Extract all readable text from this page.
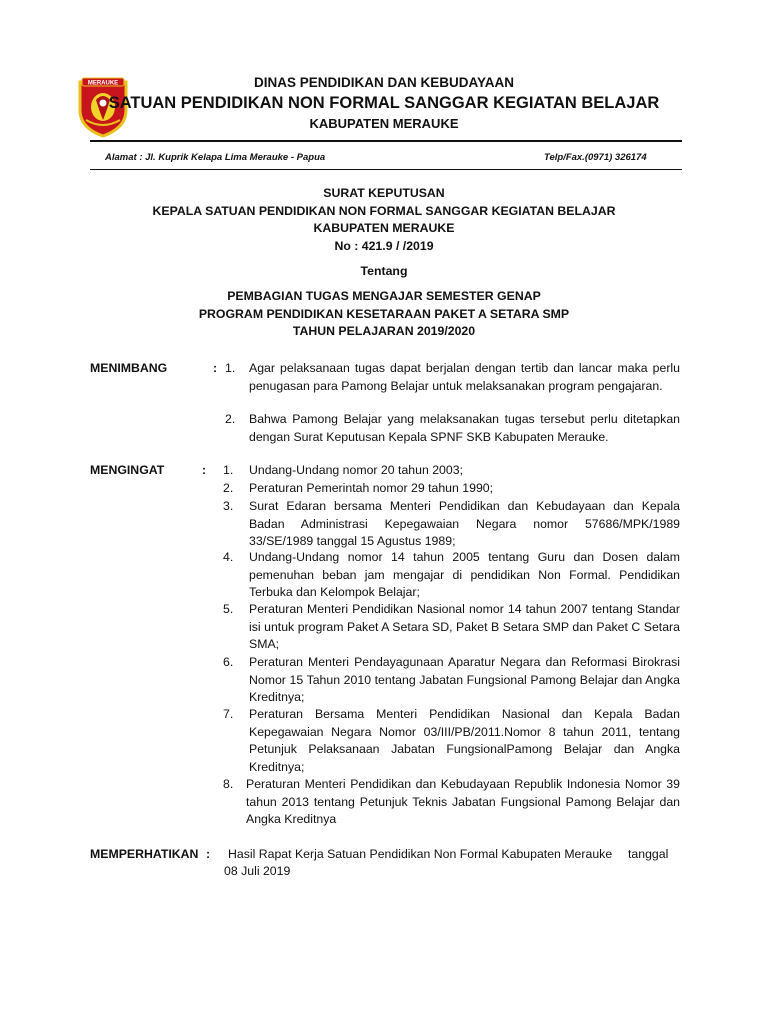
MERAUKE	DINAS PENDIDIKAN DAN KEBUDAYAAN
SATUAN PENDIDIKAN NON FORMAL SANGGAR KEGIATAN BELAJAR
KABUPATEN MERAUKE
Alamat : Jl. Kuprik Kelapa Lima Merauke - Papua	Telp/Fax.(0971) 326174
SURAT KEPUTUSAN
KEPALA SATUAN PENDIDIKAN NON FORMAL SANGGAR KEGIATAN BELAJAR
KABUPATEN MERAUKE
No : 421.9 / /2019
Tentang
PEMBAGIAN TUGAS MENGAJAR SEMESTER GENAP
PROGRAM PENDIDIKAN KESETARAAN PAKET A SETARA SMP
TAHUN PELAJARAN 2019/2020
MENIMBANG	: 1. Agar pelaksanaan tugas dapat berjalan dengan tertib dan lancar maka perlu penugasan para Pamong Belajar untuk melaksanakan program pengajaran.
2. Bahwa Pamong Belajar yang melaksanakan tugas tersebut perlu ditetapkan dengan Surat Keputusan Kepala SPNF SKB Kabupaten Merauke.
MENGINGAT	: 1. Undang-Undang nomor 20 tahun 2003;
2. Peraturan Pemerintah nomor 29 tahun 1990;
3. Surat Edaran bersama Menteri Pendidikan dan Kebudayaan dan Kepala Badan Administrasi Kepegawaian Negara nomor 57686/MPK/1989 33/SE/1989 tanggal 15 Agustus 1989;
4. Undang-Undang nomor 14 tahun 2005 tentang Guru dan Dosen dalam pemenuhan beban jam mengajar di pendidikan Non Formal. Pendidikan Terbuka dan Kelompok Belajar;
5. Peraturan Menteri Pendidikan Nasional nomor 14 tahun 2007 tentang Standar isi untuk program Paket A Setara SD, Paket B Setara SMP dan Paket C Setara SMA;
6. Peraturan Menteri Pendayagunaan Aparatur Negara dan Reformasi Birokrasi Nomor 15 Tahun 2010 tentang Jabatan Fungsional Pamong Belajar dan Angka Kreditnya;
7. Peraturan Bersama Menteri Pendidikan Nasional dan Kepala Badan Kepegawaian Negara Nomor 03/III/PB/2011.Nomor 8 tahun 2011, tentang Petunjuk Pelaksanaan Jabatan FungsionalPamong Belajar dan Angka Kreditnya;
8. Peraturan Menteri Pendidikan dan Kebudayaan Republik Indonesia Nomor 39 tahun 2013 tentang Petunjuk Teknis Jabatan Fungsional Pamong Belajar dan Angka Kreditnya
MEMPERHATIKAN : Hasil Rapat Kerja Satuan Pendidikan Non Formal Kabupaten Merauke tanggal
08 Juli 2019
